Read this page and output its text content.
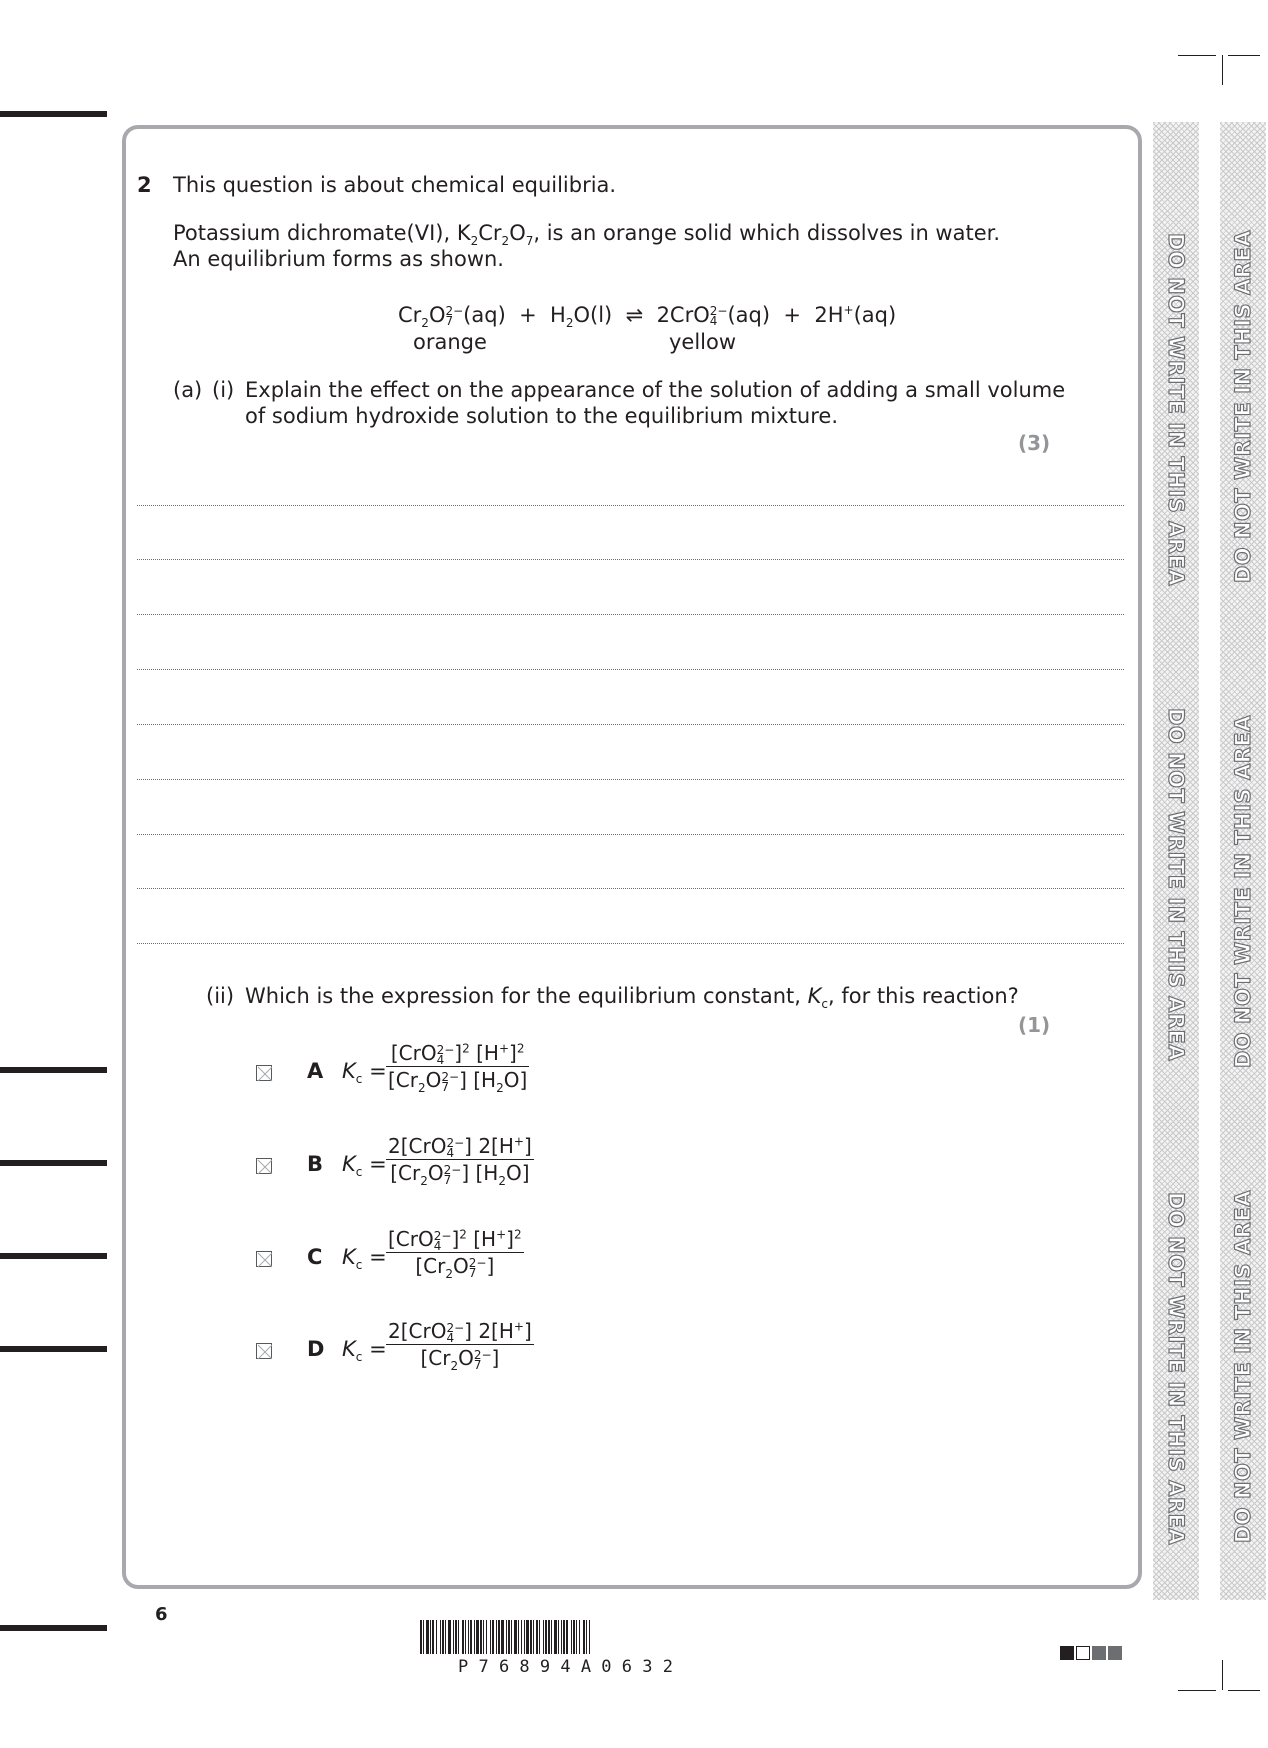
DO NOT WRITE IN THIS AREA
DO NOT WRITE IN THIS AREA
DO NOT WRITE IN THIS AREA
DO NOT WRITE IN THIS AREA
DO NOT WRITE IN THIS AREA
DO NOT WRITE IN THIS AREA
2 This question is about chemical equilibria.
Potassium dichromate(VI), $K_2Cr_2O_7$, is an orange solid which dissolves in water.
An equilibrium forms as shown.
$Cr_2O$ 2−
7 $(aq) + H_2O(l)$  ⇌  2CrO 2−
4 (aq)  +  2H+(aq)
orange	yellow
(a) (i) Explain the effect on the appearance of the solution of adding a small volume
of sodium hydroxide solution to the equilibrium mixture.
(3)
(ii) Which is the expression for the equilibrium constant, $K_c$, for this reaction?
(1)
A $K_c$ =
[CrO 2−
4 ]$^2$ $[H^+]^2$
[$Cr_2O$ 2−
7 ] $[H_2O]$
B $K_c$ =
2[CrO 2−
4 ] 2[H+]
[$Cr_2O$ 2−
7 ] $[H_2O]$
C $K_c$ =
[CrO 2−
4 ]$^2$ $[H^+]^2$
[$Cr_2O$ 2−
7 ]
D $K_c$ =
2[CrO 2−
4 ] 2[H+]
[$Cr_2O$ 2−
7 ]
6
P 7 6 8 9 4 A 0 6 3 2
